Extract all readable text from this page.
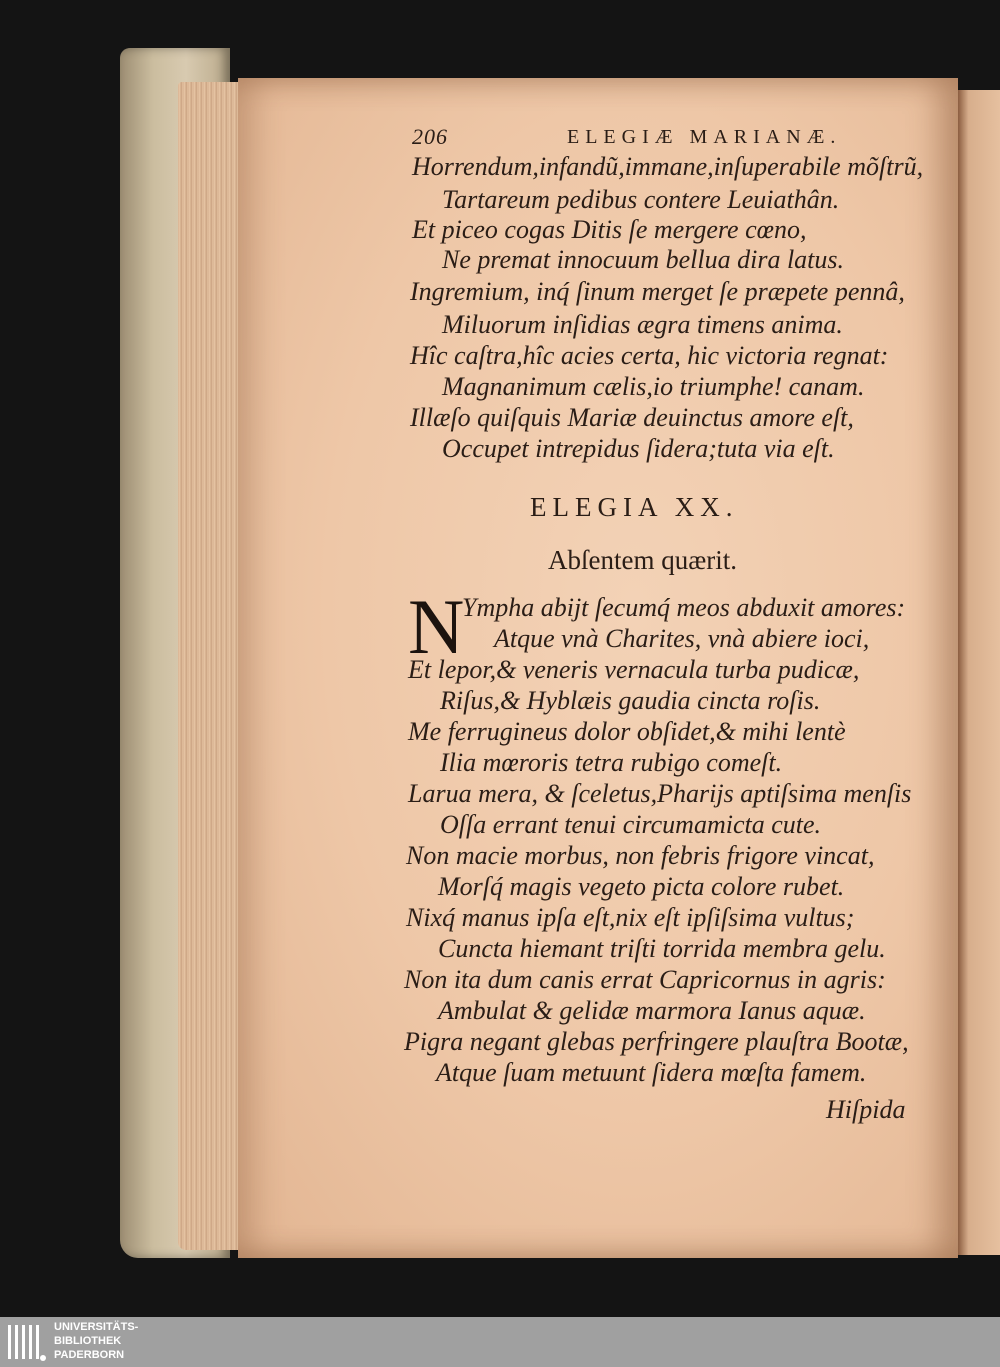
206	ELEGIÆ MARIANÆ.
Horrendum,infandũ,immane,inſuperabile mõſtrũ,
Tartareum pedibus contere Leuiathân.
Et piceo cogas Ditis ſe mergere cœno,
Ne premat innocuum bellua dira latus.
Ingremium, inq́ ſinum merget ſe præpete pennâ,
Miluorum inſidias ægra timens anima.
Hîc caſtra,hîc acies certa, hic victoria regnat:
Magnanimum cælis,io triumphe! canam.
Illæſo quiſquis Mariæ deuinctus amore eſt,
Occupet intrepidus ſidera;tuta via eſt.
ELEGIA XX.
Abſentem quærit.
N
Ympha abijt ſecumq́ meos abduxit amores:
Atque vnà Charites, vnà abiere ioci,
Et lepor,& veneris vernacula turba pudicæ,
Riſus,& Hyblæis gaudia cincta roſis.
Me ferrugineus dolor obſidet,& mihi lentè
Ilia mœroris tetra rubigo comeſt.
Larua mera, & ſceletus,Pharijs aptiſsima menſis
Oſſa errant tenui circumamicta cute.
Non macie morbus, non febris frigore vincat,
Morſq́ magis vegeto picta colore rubet.
Nixq́ manus ipſa eſt,nix eſt ipſiſsima vultus;
Cuncta hiemant triſti torrida membra gelu.
Non ita dum canis errat Capricornus in agris:
Ambulat & gelidæ marmora Ianus aquæ.
Pigra negant glebas perfringere plauſtra Bootæ,
Atque ſuam metuunt ſidera mœſta famem.
Hiſpida
UNIVERSITÄTS-
BIBLIOTHEK
PADERBORN
